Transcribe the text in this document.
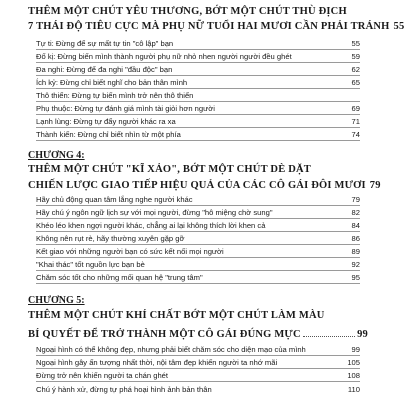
THÊM MỘT CHÚT YÊU THƯƠNG, BỚT MỘT CHÚT THÙ ĐỊCH
7 THÁI ĐỘ TIÊU CỰC MÀ PHỤ NỮ TUỔI HAI MƯƠI CẦN PHẢI TRÁNH 55
Tự ti: Đừng để sự mất tự tin "cô lập" bạn	55
Đố kị: Đừng biến mình thành người phụ nữ nhỏ nhen người người đều ghét	59
Đa nghi: Đừng để đa nghi "đầu độc" bạn	62
Ích kỷ: Đừng chỉ biết nghĩ cho bản thân mình	65
Thô thiển: Đừng tự biến mình trở nên thô thiển
Phụ thuộc: Đừng tự đánh giá mình tài giỏi hơn người	69
Lạnh lùng: Đừng tự đẩy người khác ra xa	71
Thành kiến: Đừng chỉ biết nhìn từ một phía	74
CHƯƠNG 4:
THÊM MỘT CHÚT "KĨ XẢO", BỚT MỘT CHÚT DÈ DẶT
CHIẾN LƯỢC GIAO TIẾP HIỆU QUẢ CỦA CÁC CÔ GÁI ĐÔI MƯƠI 79
Hãy chủ động quan tâm lắng nghe người khác	79
Hãy chú ý ngôn ngữ lịch sự với mọi người, đừng "hô miệng chờ sung"	82
Khéo léo khen ngợi người khác, chẳng ai lại không thích lời khen cả	84
Không nên rụt rè, hãy thường xuyên gặp gỡ	86
Kết giao với những người bạn có sức kết nối mọi người	89
"Khai thác" tốt nguồn lực bạn bè	92
Chăm sóc tốt cho những mối quan hệ "trung tâm"	95
CHƯƠNG 5:
THÊM MỘT CHÚT KHÍ CHẤT BỚT MỘT CHÚT LÀM MÀU
BÍ QUYẾT ĐỂ TRỞ THÀNH MỘT CÔ GÁI ĐÚNG MỰC	99
Ngoại hình có thể không đẹp, nhưng phải biết chăm sóc cho diện mạo của mình	99
Ngoại hình gây ấn tượng nhất thời, nội tâm đẹp khiến người ta nhớ mãi	105
Đừng trở nên khiến người ta chán ghét	108
Chú ý hành xử, đừng tự phá hoại hình ảnh bản thân	110
